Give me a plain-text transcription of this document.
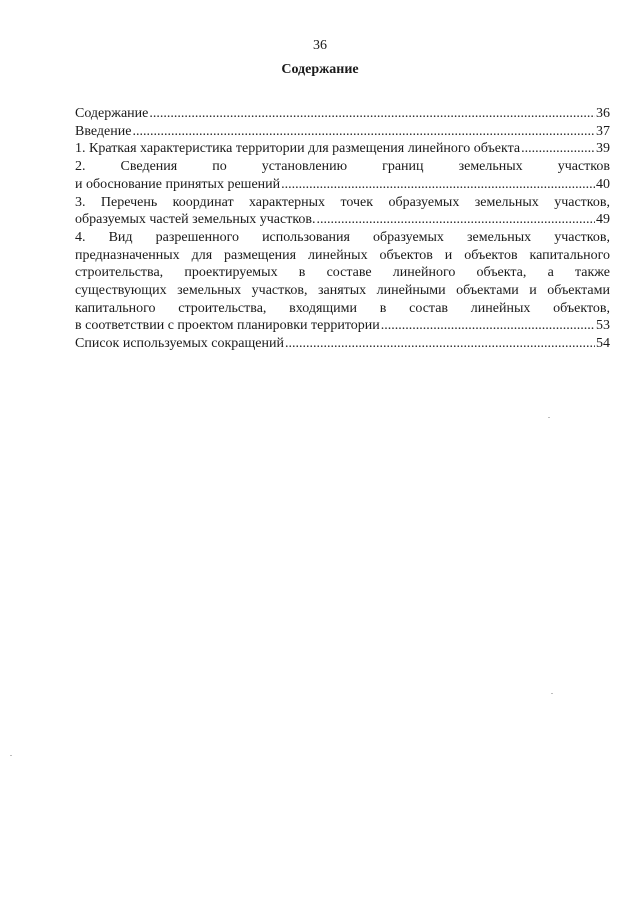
36
Содержание
Содержание .....	36
Введение .....	37
1. Краткая характеристика территории для размещения линейного объекта .....	39
2. Сведения по установлению границ земельных участков
и обоснование принятых решений .....	40
3. Перечень координат характерных точек образуемых земельных участков,
образуемых частей земельных участков. .....	49
4. Вид разрешенного использования образуемых земельных участков,
предназначенных для размещения линейных объектов и объектов капитального
строительства, проектируемых в составе линейного объекта, а также
существующих земельных участков, занятых линейными объектами и объектами
капитального строительства, входящими в состав линейных объектов,
в соответствии с проектом планировки территории .....	53
Список используемых сокращений .....	54
